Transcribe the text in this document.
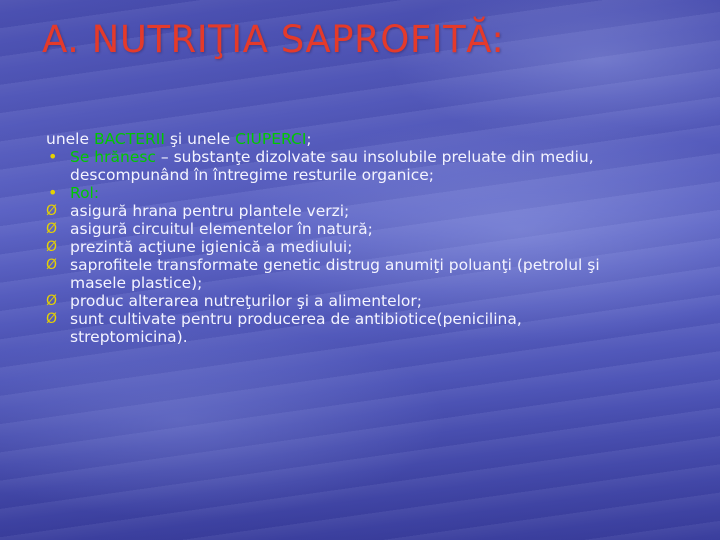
A. NUTRIŢIA SAPROFITĂ:
unele BACTERII şi unele CIUPERCI;
• Se hrănesc – substanţe dizolvate sau insolubile preluate din mediu,
descompunând în întregime resturile organice;
• Rol:
Ø asigură hrana pentru plantele verzi;
Ø asigură circuitul elementelor în natură;
Ø prezintă acţiune igienică a mediului;
Ø saprofitele transformate genetic distrug anumiţi poluanţi (petrolul şi
masele plastice);
Ø produc alterarea nutreţurilor şi a alimentelor;
Ø sunt cultivate pentru producerea de antibiotice(penicilina,
streptomicina).
